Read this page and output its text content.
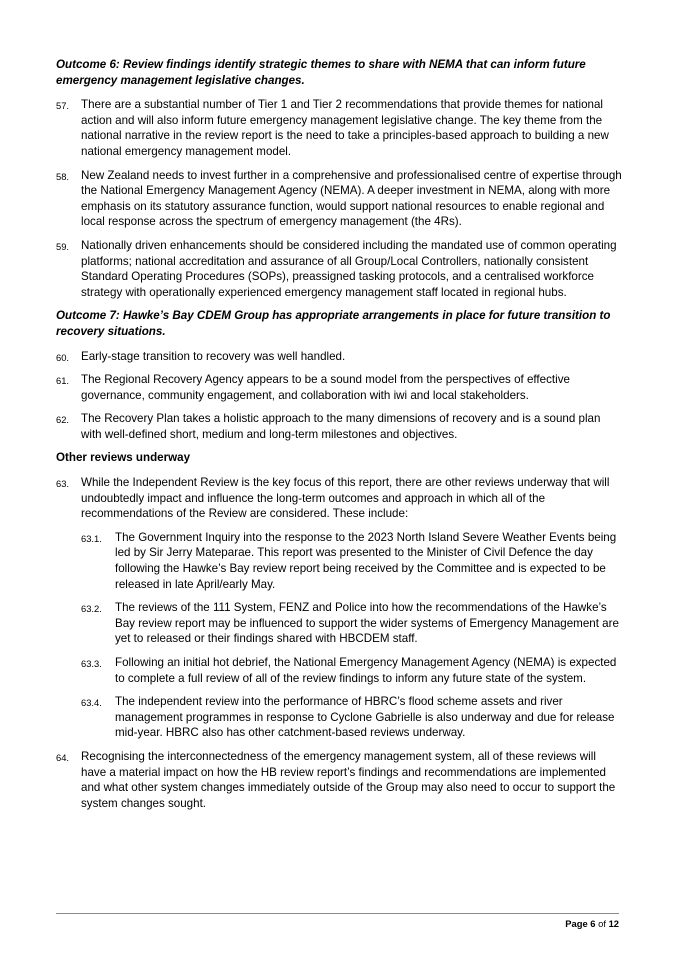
Outcome 6: Review findings identify strategic themes to share with NEMA that can inform future emergency management legislative changes.

57. There are a substantial number of Tier 1 and Tier 2 recommendations that provide themes for national action and will also inform future emergency management legislative change. The key theme from the national narrative in the review report is the need to take a principles-based approach to building a new national emergency management model.
58. New Zealand needs to invest further in a comprehensive and professionalised centre of expertise through the National Emergency Management Agency (NEMA). A deeper investment in NEMA, along with more emphasis on its statutory assurance function, would support national resources to enable regional and local response across the spectrum of emergency management (the 4Rs).
59. Nationally driven enhancements should be considered including the mandated use of common operating platforms; national accreditation and assurance of all Group/Local Controllers, nationally consistent Standard Operating Procedures (SOPs), preassigned tasking protocols, and a centralised workforce strategy with operationally experienced emergency management staff located in regional hubs.

Outcome 7: Hawke’s Bay CDEM Group has appropriate arrangements in place for future transition to recovery situations.

60. Early-stage transition to recovery was well handled.
61. The Regional Recovery Agency appears to be a sound model from the perspectives of effective governance, community engagement, and collaboration with iwi and local stakeholders.
62. The Recovery Plan takes a holistic approach to the many dimensions of recovery and is a sound plan with well-defined short, medium and long-term milestones and objectives.

Other reviews underway

63. While the Independent Review is the key focus of this report, there are other reviews underway that will undoubtedly impact and influence the long-term outcomes and approach in which all of the recommendations of the Review are considered. These include:
63.1. The Government Inquiry into the response to the 2023 North Island Severe Weather Events being led by Sir Jerry Mateparae. This report was presented to the Minister of Civil Defence the day following the Hawke’s Bay review report being received by the Committee and is expected to be released in late April/early May.
63.2. The reviews of the 111 System, FENZ and Police into how the recommendations of the Hawke’s Bay review report may be influenced to support the wider systems of Emergency Management are yet to released or their findings shared with HBCDEM staff.
63.3. Following an initial hot debrief, the National Emergency Management Agency (NEMA) is expected to complete a full review of all of the review findings to inform any future state of the system.
63.4. The independent review into the performance of HBRC’s flood scheme assets and river management programmes in response to Cyclone Gabrielle is also underway and due for release mid-year. HBRC also has other catchment-based reviews underway.
64. Recognising the interconnectedness of the emergency management system, all of these reviews will have a material impact on how the HB review report’s findings and recommendations are implemented and what other system changes immediately outside of the Group may also need to occur to support the system changes sought.
Page 6 of 12
